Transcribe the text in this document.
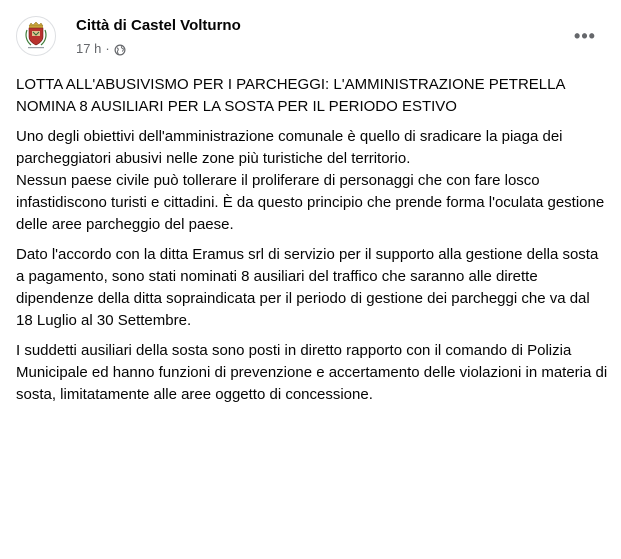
Città di Castel Volturno
17 h ·
•••

LOTTA ALL'ABUSIVISMO PER I PARCHEGGI: L'AMMINISTRAZIONE PETRELLA NOMINA 8 AUSILIARI PER LA SOSTA PER IL PERIODO ESTIVO

Uno degli obiettivi dell'amministrazione comunale è quello di sradicare la piaga dei parcheggiatori abusivi nelle zone più turistiche del territorio.
Nessun paese civile può tollerare il proliferare di personaggi che con fare losco infastidiscono turisti e cittadini. È da questo principio che prende forma l'oculata gestione delle aree parcheggio del paese.

Dato l'accordo con la ditta Eramus srl di servizio per il supporto alla gestione della sosta a pagamento, sono stati nominati 8 ausiliari del traffico che saranno alle dirette dipendenze della ditta sopraindicata per il periodo di gestione dei parcheggi che va dal 18 Luglio al 30 Settembre.

I suddetti ausiliari della sosta sono posti in diretto rapporto con il comando di Polizia Municipale ed hanno funzioni di prevenzione e accertamento delle violazioni in materia di sosta, limitatamente alle aree oggetto di concessione.
